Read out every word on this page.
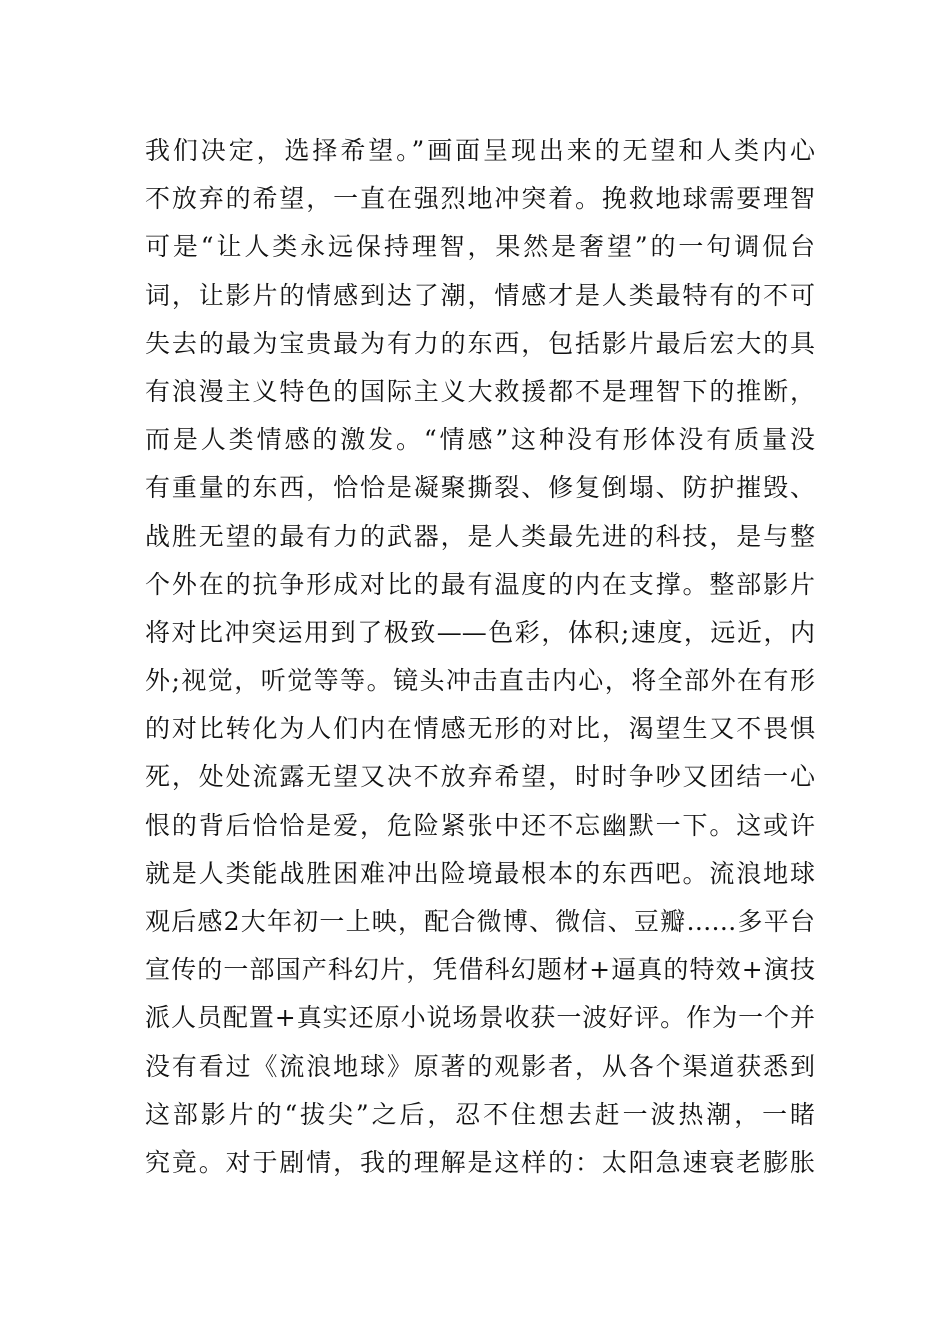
我们决定，选择希望。”画面呈现出来的无望和人类内心
不放弃的希望，一直在强烈地冲突着。挽救地球需要理智
可是“让人类永远保持理智，果然是奢望”的一句调侃台
词，让影片的情感到达了潮，情感才是人类最特有的不可
失去的最为宝贵最为有力的东西，包括影片最后宏大的具
有浪漫主义特色的国际主义大救援都不是理智下的推断，
而是人类情感的激发。“情感”这种没有形体没有质量没
有重量的东西，恰恰是凝聚撕裂、修复倒塌、防护摧毁、
战胜无望的最有力的武器，是人类最先进的科技，是与整
个外在的抗争形成对比的最有温度的内在支撑。整部影片
将对比冲突运用到了极致——色彩，体积;速度，远近，内
外;视觉，听觉等等。镜头冲击直击内心，将全部外在有形
的对比转化为人们内在情感无形的对比，渴望生又不畏惧
死，处处流露无望又决不放弃希望，时时争吵又团结一心
恨的背后恰恰是爱，危险紧张中还不忘幽默一下。这或许
就是人类能战胜困难冲出险境最根本的东西吧。流浪地球
观后感2大年初一上映，配合微博、微信、豆瓣……多平台
宣传的一部国产科幻片，凭借科幻题材+逼真的特效+演技
派人员配置+真实还原小说场景收获一波好评。作为一个并
没有看过《流浪地球》原著的观影者，从各个渠道获悉到
这部影片的“拔尖”之后，忍不住想去赶一波热潮，一睹
究竟。对于剧情，我的理解是这样的：太阳急速衰老膨胀
